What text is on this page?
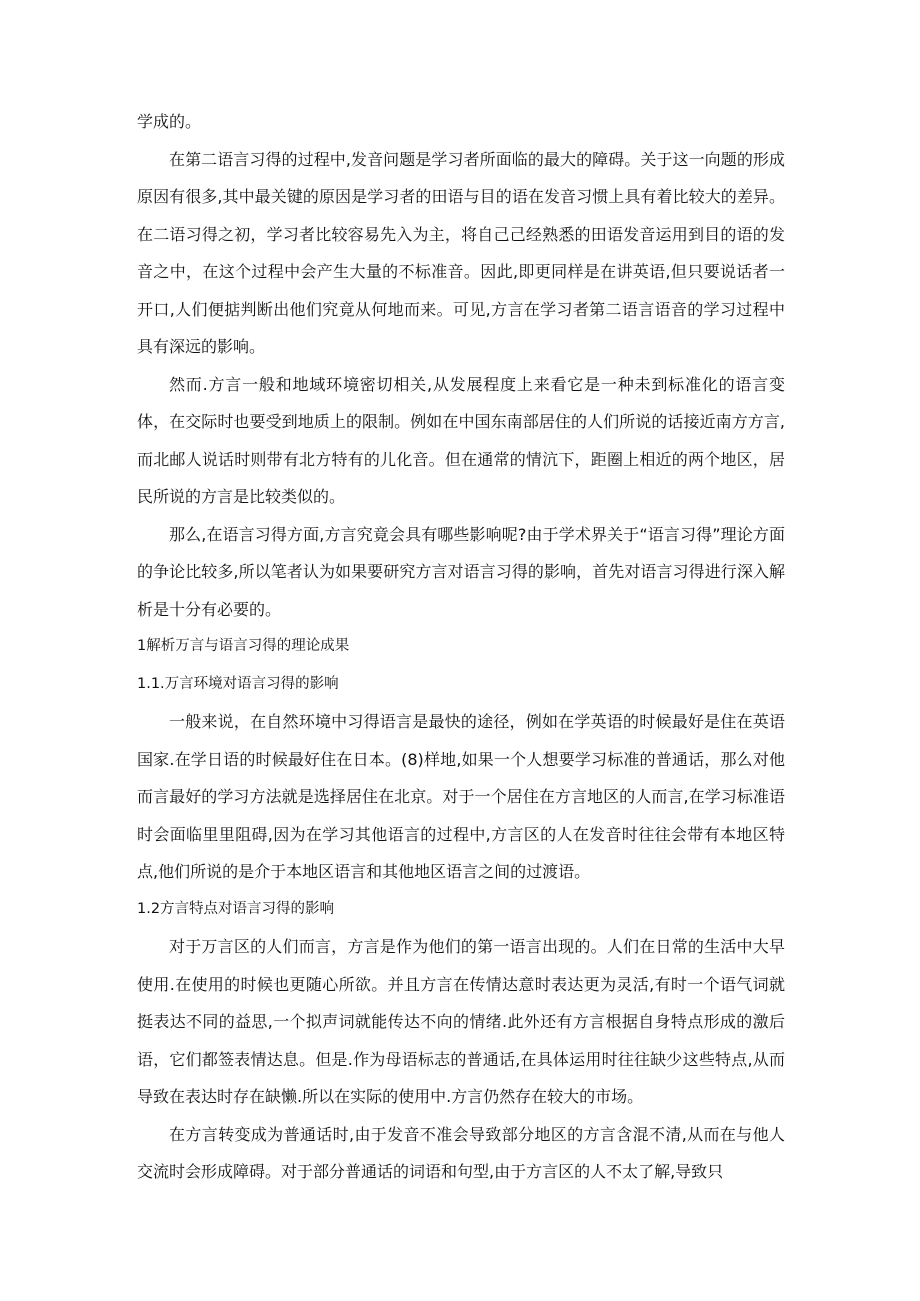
学成的。

在第二语言习得的过程中,发音问题是学习者所面临的最大的障碍。关于这一向题的形成原因有很多,其中最关键的原因是学习者的田语与目的语在发音习惯上具有着比较大的差异。在二语习得之初，学习者比较容易先入为主，将自己己经熟悉的田语发音运用到目的语的发音之中，在这个过程中会产生大量的不标准音。因此,即更同样是在讲英语,但只要说话者一开口,人们便掂判断出他们究竟从何地而来。可见,方言在学习者第二语言语音的学习过程中具有深远的影响。

然而.方言一般和地域环境密切相关,从发展程度上来看它是一种未到标准化的语言变体，在交际时也要受到地质上的限制。例如在中国东南部居住的人们所说的话接近南方方言,而北邮人说话时则带有北方特有的儿化音。但在通常的情沆下，距圈上相近的两个地区，居民所说的方言是比较类似的。

那么,在语言习得方面,方言究竟会具有哪些影响呢?由于学术界关于“语言习得”理论方面的争论比较多,所以笔者认为如果要研究方言对语言习得的影响，首先对语言习得进行深入解析是十分有必要的。

1解析万言与语言习得的理论成果
1.1.万言环境对语言习得的影响

一般来说，在自然环境中习得语言是最快的途径，例如在学英语的时候最好是住在英语国家.在学日语的时候最好住在日本。(8)样地,如果一个人想要学习标准的普通话，那么对他而言最好的学习方法就是选择居住在北京。对于一个居住在方言地区的人而言,在学习标准语时会面临里里阻碍,因为在学习其他语言的过程中,方言区的人在发音时往往会带有本地区特点,他们所说的是介于本地区语言和其他地区语言之间的过渡语。

1.2方言特点对语言习得的影响

对于万言区的人们而言，方言是作为他们的第一语言出现的。人们在日常的生活中大早使用.在使用的时候也更随心所欲。并且方言在传情达意时表达更为灵活,有时一个语气词就挺表达不同的益思,一个拟声词就能传达不向的情绪.此外还有方言根据自身特点形成的激后语，它们都签表情达息。但是.作为母语标志的普通话,在具体运用时往往缺少这些特点,从而导致在表达时存在缺懒.所以在实际的使用中.方言仍然存在较大的市场。

在方言转变成为普通话时,由于发音不准会导致部分地区的方言含混不清,从而在与他人交流时会形成障碍。对于部分普通话的词语和句型,由于方言区的人不太了解,导致只
